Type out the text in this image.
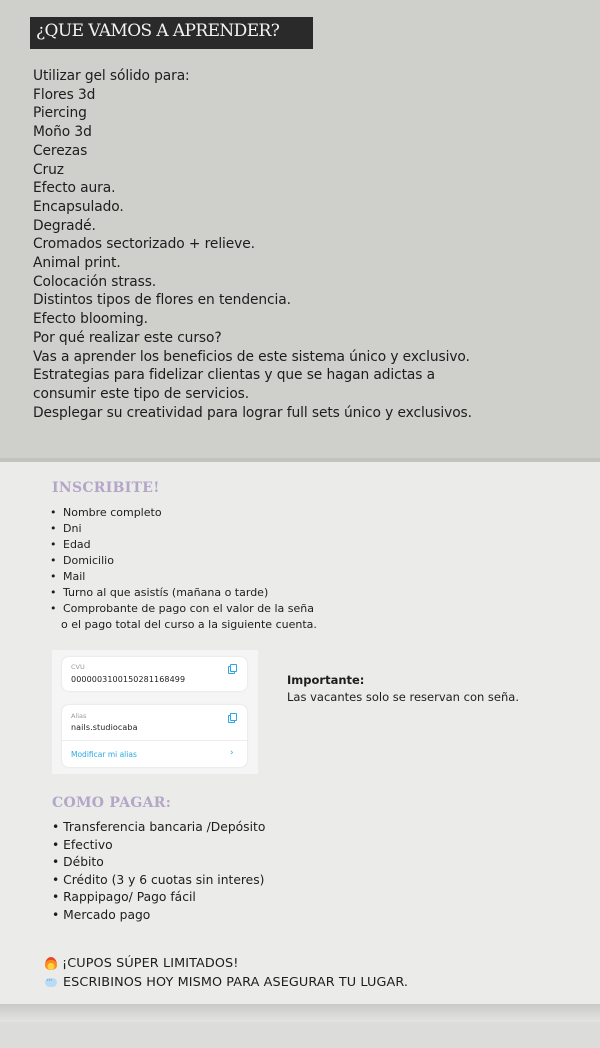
¿QUE VAMOS A APRENDER?
Utilizar gel sólido para:
Flores 3d
Piercing
Moño 3d
Cerezas
Cruz
Efecto aura.
Encapsulado.
Degradé.
Cromados sectorizado + relieve.
Animal print.
Colocación strass.
Distintos tipos de flores en tendencia.
Efecto blooming.
Por qué realizar este curso?
Vas a aprender los beneficios de este sistema único y exclusivo.
Estrategias para fidelizar clientas y que se hagan adictas a
consumir este tipo de servicios.
Desplegar su creatividad para lograr full sets único y exclusivos.
INSCRIBITE!
• Nombre completo
• Dni
• Edad
• Domicilio
• Mail
• Turno al que asistís (mañana o tarde)
• Comprobante de pago con el valor de la seña
o el pago total del curso a la siguiente cuenta.
CVU
0000003100150281168499
Alias
nails.studiocaba
Modificar mi alias	›
Importante:
Las vacantes solo se reservan con seña.
COMO PAGAR:
• Transferencia bancaria /Depósito
• Efectivo
• Débito
• Crédito (3 y 6 cuotas sin interes)
• Rappipago/ Pago fácil
• Mercado pago
¡CUPOS SÚPER LIMITADOS!
···
ESCRIBINOS HOY MISMO PARA ASEGURAR TU LUGAR.
